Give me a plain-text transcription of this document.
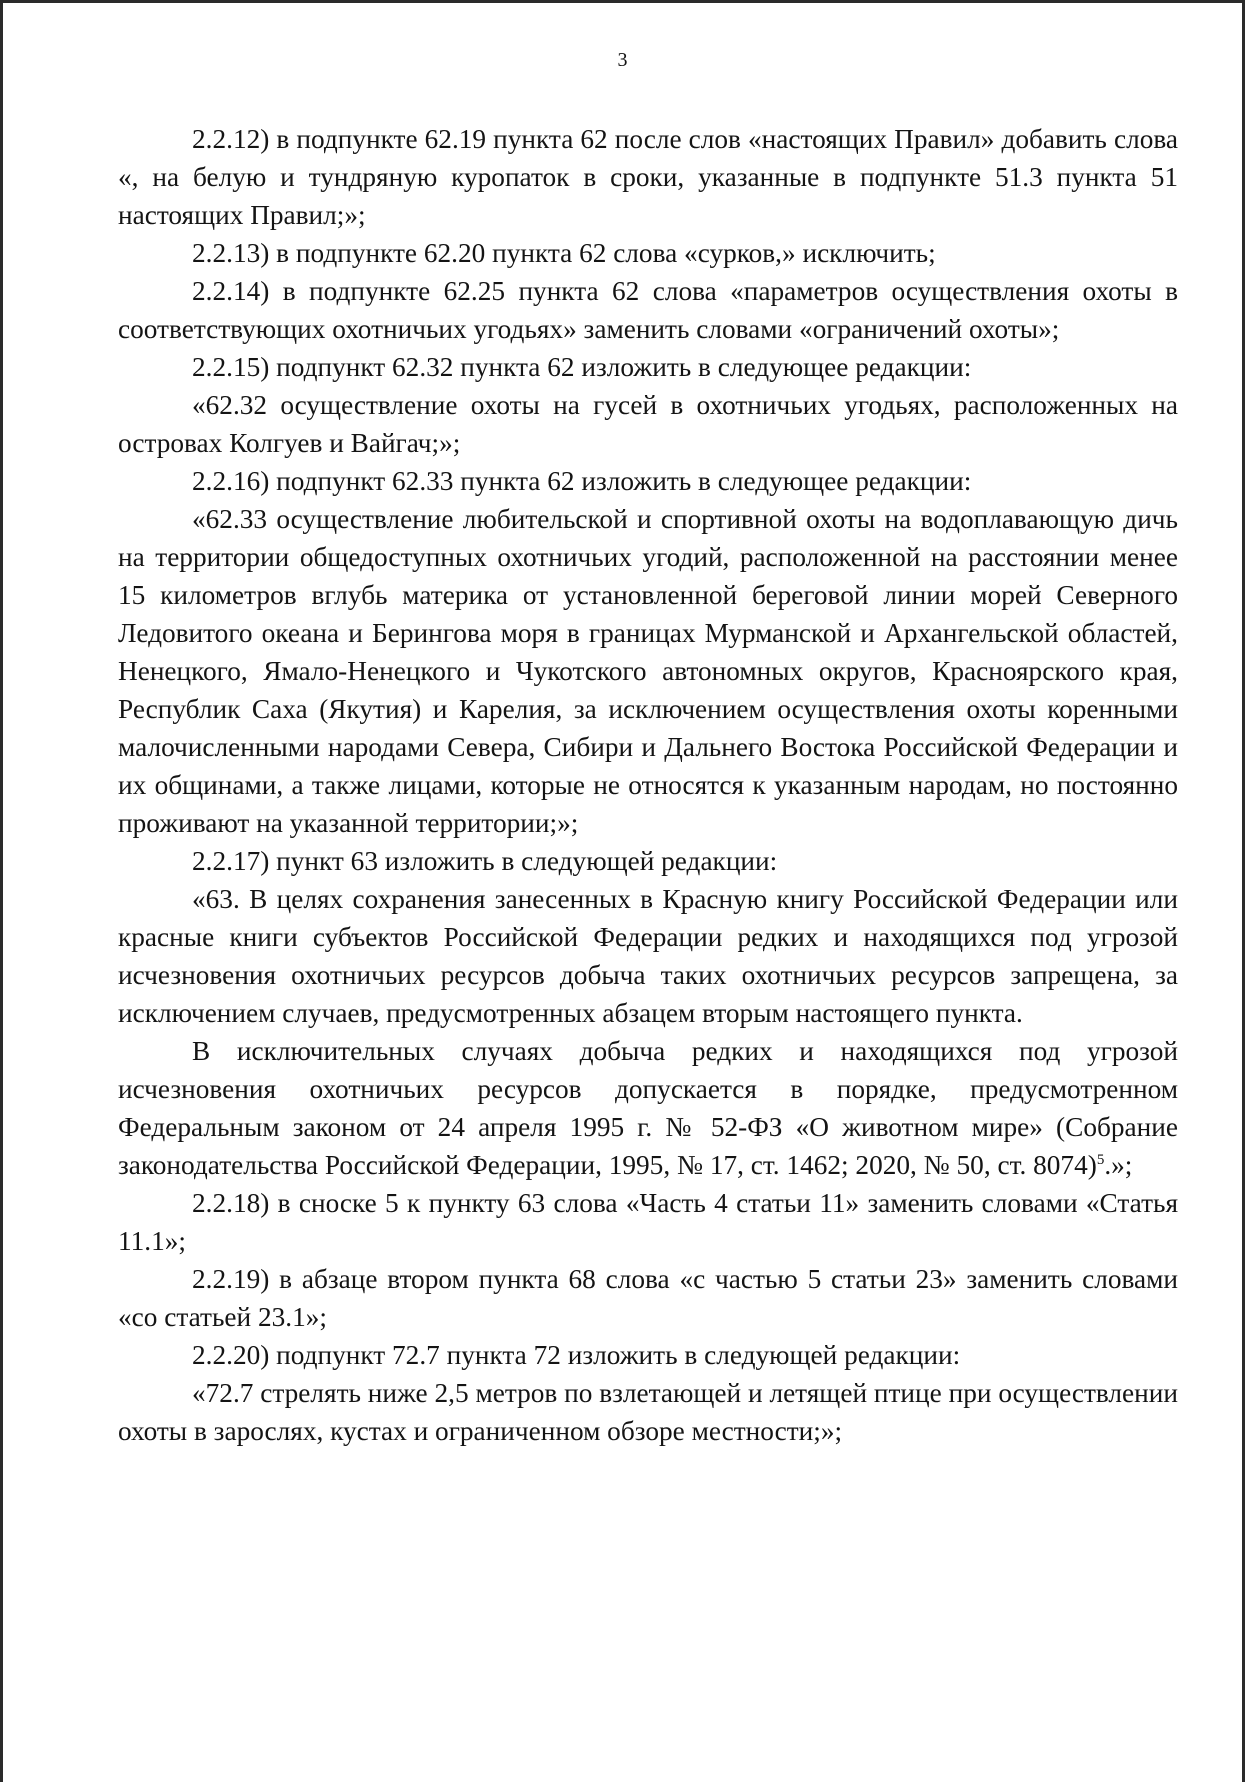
3

2.2.12) в подпункте 62.19 пункта 62 после слов «настоящих Правил» добавить слова «, на белую и тундряную куропаток в сроки, указанные в подпункте 51.3 пункта 51 настоящих Правил;»;

2.2.13) в подпункте 62.20 пункта 62 слова «сурков,» исключить;

2.2.14) в подпункте 62.25 пункта 62 слова «параметров осуществления охоты в соответствующих охотничьих угодьях» заменить словами «ограничений охоты»;

2.2.15) подпункт 62.32 пункта 62 изложить в следующее редакции:

«62.32 осуществление охоты на гусей в охотничьих угодьях, расположенных на островах Колгуев и Вайгач;»;

2.2.16) подпункт 62.33 пункта 62 изложить в следующее редакции:

«62.33 осуществление любительской и спортивной охоты на водоплавающую дичь на территории общедоступных охотничьих угодий, расположенной на расстоянии менее 15 километров вглубь материка от установленной береговой линии морей Северного Ледовитого океана и Берингова моря в границах Мурманской и Архангельской областей, Ненецкого, Ямало-Ненецкого и Чукотского автономных округов, Красноярского края, Республик Саха (Якутия) и Карелия, за исключением осуществления охоты коренными малочисленными народами Севера, Сибири и Дальнего Востока Российской Федерации и их общинами, а также лицами, которые не относятся к указанным народам, но постоянно проживают на указанной территории;»;

2.2.17) пункт 63 изложить в следующей редакции:

«63. В целях сохранения занесенных в Красную книгу Российской Федерации или красные книги субъектов Российской Федерации редких и находящихся под угрозой исчезновения охотничьих ресурсов добыча таких охотничьих ресурсов запрещена, за исключением случаев, предусмотренных абзацем вторым настоящего пункта.

В исключительных случаях добыча редких и находящихся под угрозой исчезновения охотничьих ресурсов допускается в порядке, предусмотренном Федеральным законом от 24 апреля 1995 г. № 52-ФЗ «О животном мире» (Собрание законодательства Российской Федерации, 1995, № 17, ст. 1462; 2020, № 50, ст. 8074)$^5$.»;

2.2.18) в сноске 5 к пункту 63 слова «Часть 4 статьи 11» заменить словами «Статья 11.1»;

2.2.19) в абзаце втором пункта 68 слова «с частью 5 статьи 23» заменить словами «со статьей 23.1»;

2.2.20) подпункт 72.7 пункта 72 изложить в следующей редакции:

«72.7 стрелять ниже 2,5 метров по взлетающей и летящей птице при осуществлении охоты в зарослях, кустах и ограниченном обзоре местности;»;
